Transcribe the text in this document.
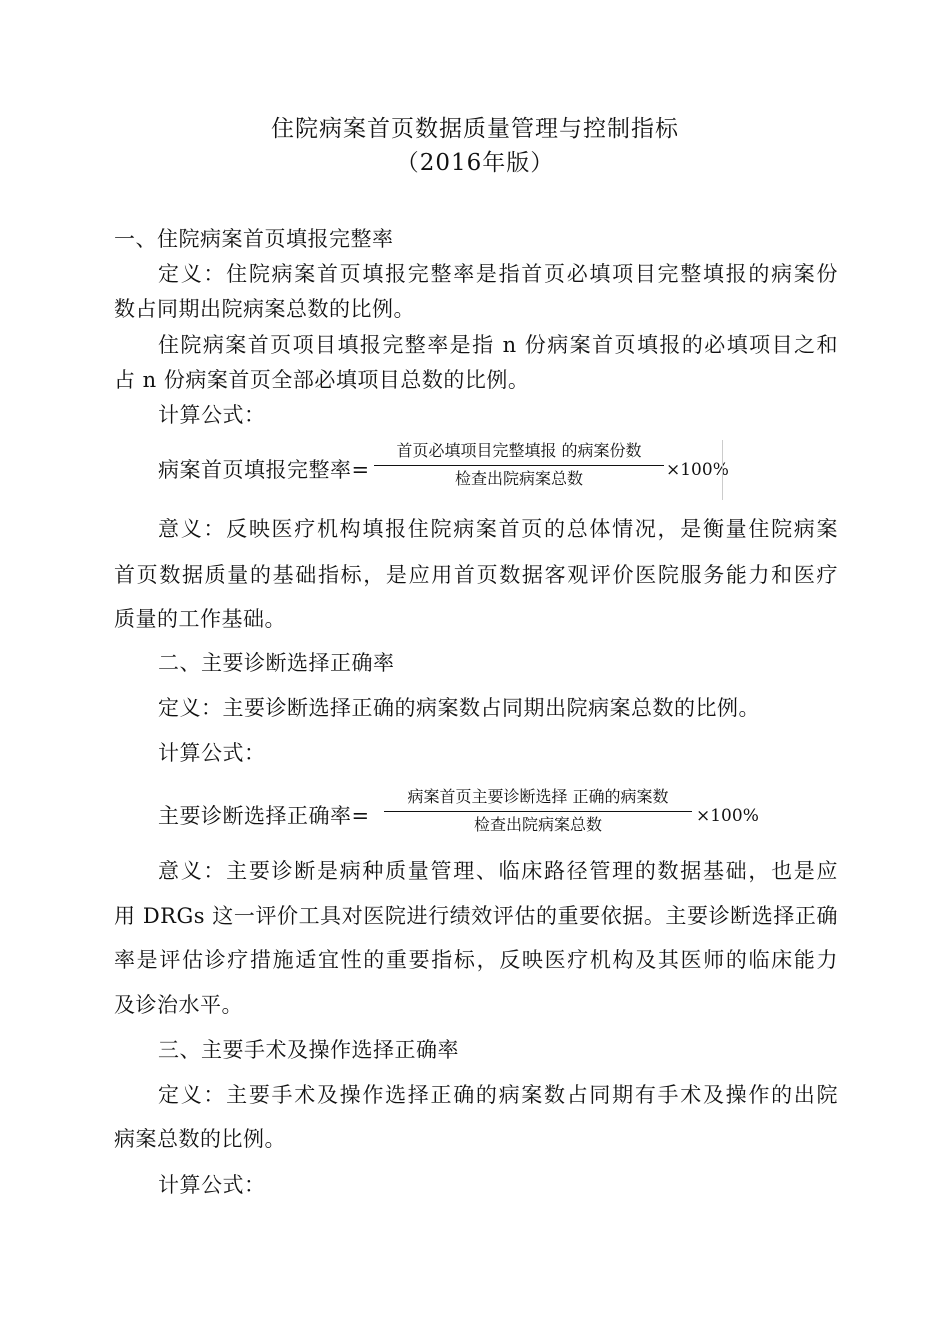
住院病案首页数据质量管理与控制指标
（2016年版）
一、住院病案首页填报完整率
定义：住院病案首页填报完整率是指首页必填项目完整填报的病案份
数占同期出院病案总数的比例。
住院病案首页项目填报完整率是指 n 份病案首页填报的必填项目之和
占 n 份病案首页全部必填项目总数的比例。
计算公式：
病案首页填报完整率=
首页必填项目完整填报 的病案份数
检查出院病案总数	×100%
意义：反映医疗机构填报住院病案首页的总体情况，是衡量住院病案
首页数据质量的基础指标，是应用首页数据客观评价医院服务能力和医疗
质量的工作基础。
二、主要诊断选择正确率
定义：主要诊断选择正确的病案数占同期出院病案总数的比例。
计算公式：
主要诊断选择正确率=
病案首页主要诊断选择 正确的病案数
检查出院病案总数	×100%
意义：主要诊断是病种质量管理、临床路径管理的数据基础，也是应
用 DRGs 这一评价工具对医院进行绩效评估的重要依据。主要诊断选择正确
率是评估诊疗措施适宜性的重要指标，反映医疗机构及其医师的临床能力
及诊治水平。
三、主要手术及操作选择正确率
定义：主要手术及操作选择正确的病案数占同期有手术及操作的出院
病案总数的比例。
计算公式：
